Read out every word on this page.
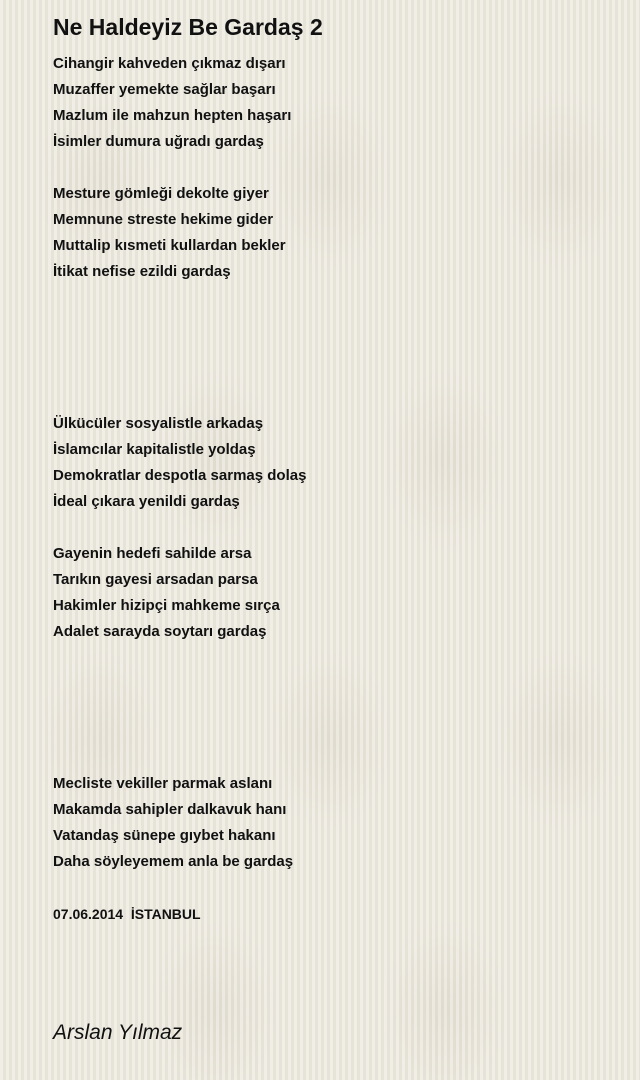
Ne Haldeyiz Be Gardaş 2

Cihangir kahveden çıkmaz dışarı

Muzaffer yemekte sağlar başarı

Mazlum ile mahzun hepten haşarı

İsimler dumura uğradı gardaş

Mesture gömleği dekolte giyer

Memnune streste hekime gider

Muttalip kısmeti kullardan bekler

İtikat nefise ezildi gardaş

Ülkücüler sosyalistle arkadaş

İslamcılar kapitalistle yoldaş

Demokratlar despotla sarmaş dolaş

İdeal çıkara yenildi gardaş

Gayenin hedefi sahilde arsa

Tarıkın gayesi arsadan parsa

Hakimler hizipçi mahkeme sırça

Adalet sarayda soytarı gardaş

Mecliste vekiller parmak aslanı

Makamda sahipler dalkavuk hanı

Vatandaş sünepe gıybet hakanı

Daha söyleyemem anla be gardaş

07.06.2014  İSTANBUL

Arslan Yılmaz
